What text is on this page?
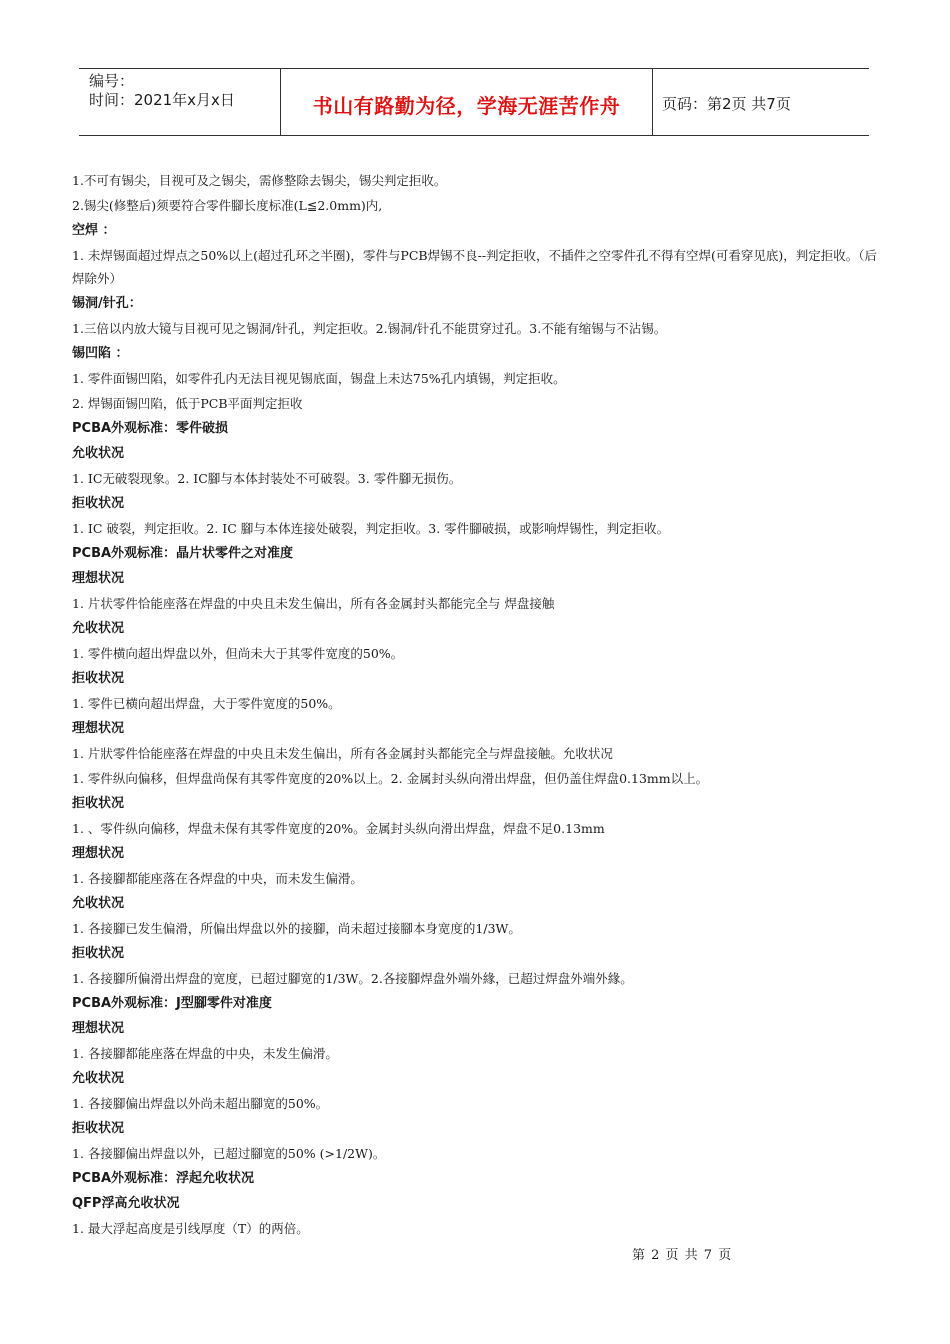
编号：
时间：2021年x月x日	书山有路勤为径，学海无涯苦作舟	页码：第2页 共7页

1.不可有锡尖，目视可及之锡尖，需修整除去锡尖，锡尖判定拒收。

2.锡尖(修整后)须要符合零件腳长度标准(L≦2.0mm)内,

空焊 ：

1. 未焊锡面超过焊点之50%以上(超过孔环之半圈)，零件与PCB焊锡不良--判定拒收，不插件之空零件孔不得有空焊(可看穿见底)，判定拒收。（后焊除外）

锡洞/针孔：

1.三倍以内放大镜与目视可见之锡洞/针孔，判定拒收。2.锡洞/针孔不能贯穿过孔。3.不能有缩锡与不沾锡。

锡凹陷 ：

1. 零件面锡凹陷，如零件孔内无法目视见锡底面，锡盘上未达75%孔内填锡，判定拒收。

2. 焊锡面锡凹陷，低于PCB平面判定拒收

PCBA外观标准：零件破损

允收状况

1. IC无破裂现象。2. IC腳与本体封装处不可破裂。3. 零件腳无损伤。

拒收状况

1. IC 破裂，判定拒收。2. IC 腳与本体连接处破裂，判定拒收。3. 零件腳破损，或影响焊锡性，判定拒收。

PCBA外观标准：晶片状零件之对准度

理想状况

1. 片状零件恰能座落在焊盘的中央且未发生偏出，所有各金属封头都能完全与 焊盘接触

允收状况

1. 零件横向超出焊盘以外，但尚未大于其零件宽度的50%。

拒收状况

1. 零件已横向超出焊盘，大于零件宽度的50%。

理想状况

1. 片狀零件恰能座落在焊盘的中央且未发生偏出，所有各金属封头都能完全与焊盘接触。允收状况

1. 零件纵向偏移，但焊盘尚保有其零件宽度的20%以上。2. 金属封头纵向滑出焊盘，但仍盖住焊盘0.13mm以上。

拒收状况

1. 、零件纵向偏移，焊盘未保有其零件宽度的20%。金属封头纵向滑出焊盘，焊盘不足0.13mm

理想状况

1. 各接腳都能座落在各焊盘的中央，而未发生偏滑。

允收状况

1. 各接腳已发生偏滑，所偏出焊盘以外的接腳，尚未超过接腳本身宽度的1/3W。

拒收状况

1. 各接腳所偏滑出焊盘的宽度，已超过腳宽的1/3W。2.各接腳焊盘外端外緣，已超过焊盘外端外緣。

PCBA外观标准：J型腳零件对准度

理想状况

1. 各接腳都能座落在焊盘的中央，未发生偏滑。

允收状况

1. 各接腳偏出焊盘以外尚未超出腳宽的50%。

拒收状况

1. 各接腳偏出焊盘以外，已超过腳宽的50% (>1/2W)。

PCBA外观标准：浮起允收状况

QFP浮高允收状况

1. 最大浮起高度是引线厚度（T）的两倍。

第 2 页 共 7 页
